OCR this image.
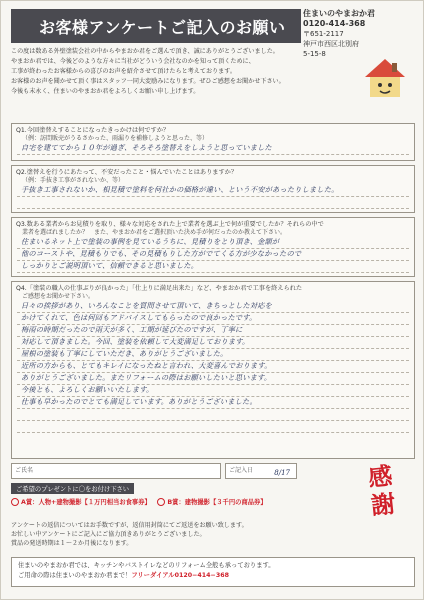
お客様アンケートご記入のお願い
住まいのやまおか君
0120-414-368
〒651-2117
神戸市西区北別府
5-15-8
この度は数ある外壁塗装会社の中からやまおか君をご選んで頂き、誠にありがとうございました。
やまおか君では、今後どのような方々に当社がどういう会社なのかを知って頂くために、
工事が終わったお客様からの喜びのお声を紹介させて頂けたらと考えております。
お客様のお声を聞かせて頂く事はスタッフ一同大変励みになります。ぜひご感想をお聞かせ下さい。
今後も末永く、住まいのやまおか君をよろしくお願い申し上げます。
Q1.今回塗替えすることになったきっかけは何ですか？
（例：訪問販売がうるさかった、雨漏りを補修しようと思った、等）
自宅を建ててから１０年が過ぎ、そろそろ塗替えをしようと思っていました
Q2.塗替えを行うにあたって、不安だったこと・悩んでいたことはありますか？
（例：手抜き工事がされないか、等）
手抜き工事されないか、相見積で塗料を何社かの価格が違い、という不安があったりしました。
Q3.数ある業者からお見積りを取り、様々な対応をされた上で業者を選ぶ上で何が重要でしたか？それらの中で
業者を選ばれましたか？　また、やまおか君をご選択頂いた決め手が何だったのか教えて下さい。
住まいるネット上で塗装の事例を見ているうちに、見積りをとり頂き、金額が
他のコーストや、見積もりでも、その見積もりした方がでてくる方が少なかったので
しっかりとご説明頂いて、信頼できると思いました。
Q4.「塗装の職人の仕事ぶりが良かった」「仕上りに満足出来た」など、やまおか君で工事を終えられた
ご感想をお聞かせ下さい。
日々の挨拶があり、いろんなことを質問させて頂いて、きちっとした対応を
かけてくれて、色は何回もアドバイスしてもらったので良かったです。
梅雨の時期だったので雨天が多く、工期が延びたのですが、丁寧に
対応して頂きました。今回、塗装を依頼して大変満足しております。
屋根の塗装も丁寧にしていただき、ありがとうございました。
近所の方からも、とてもキレイになったねと言われ、大変喜んでおります。
ありがとうございました。またリフォームの際はお願いしたいと思います。
今後とも、よろしくお願いいたします。
仕事も早かったのでとても満足しています。ありがとうございました。
ご氏名	ご記入日	8/17
ご希望のプレゼントに〇をお付け下さい
A賞：人物+建物撮影【１万円相当お食事券】	B賞：建物撮影【３千円の商品券】
感
謝
アンケートの返信についてはお手数ですが、返信用封筒にてご返送をお願い致します。
お忙しい中アンケートにご記入にご協力頂きありがとうございました。
賞品の発送時期は１〜２か月後になります。
住まいのやまおか君では、キッチンやバストイレなどのリフォーム全般も承っております。
ご用命の際は住まいのやまおか君まで！フリーダイアル0120−414−368
